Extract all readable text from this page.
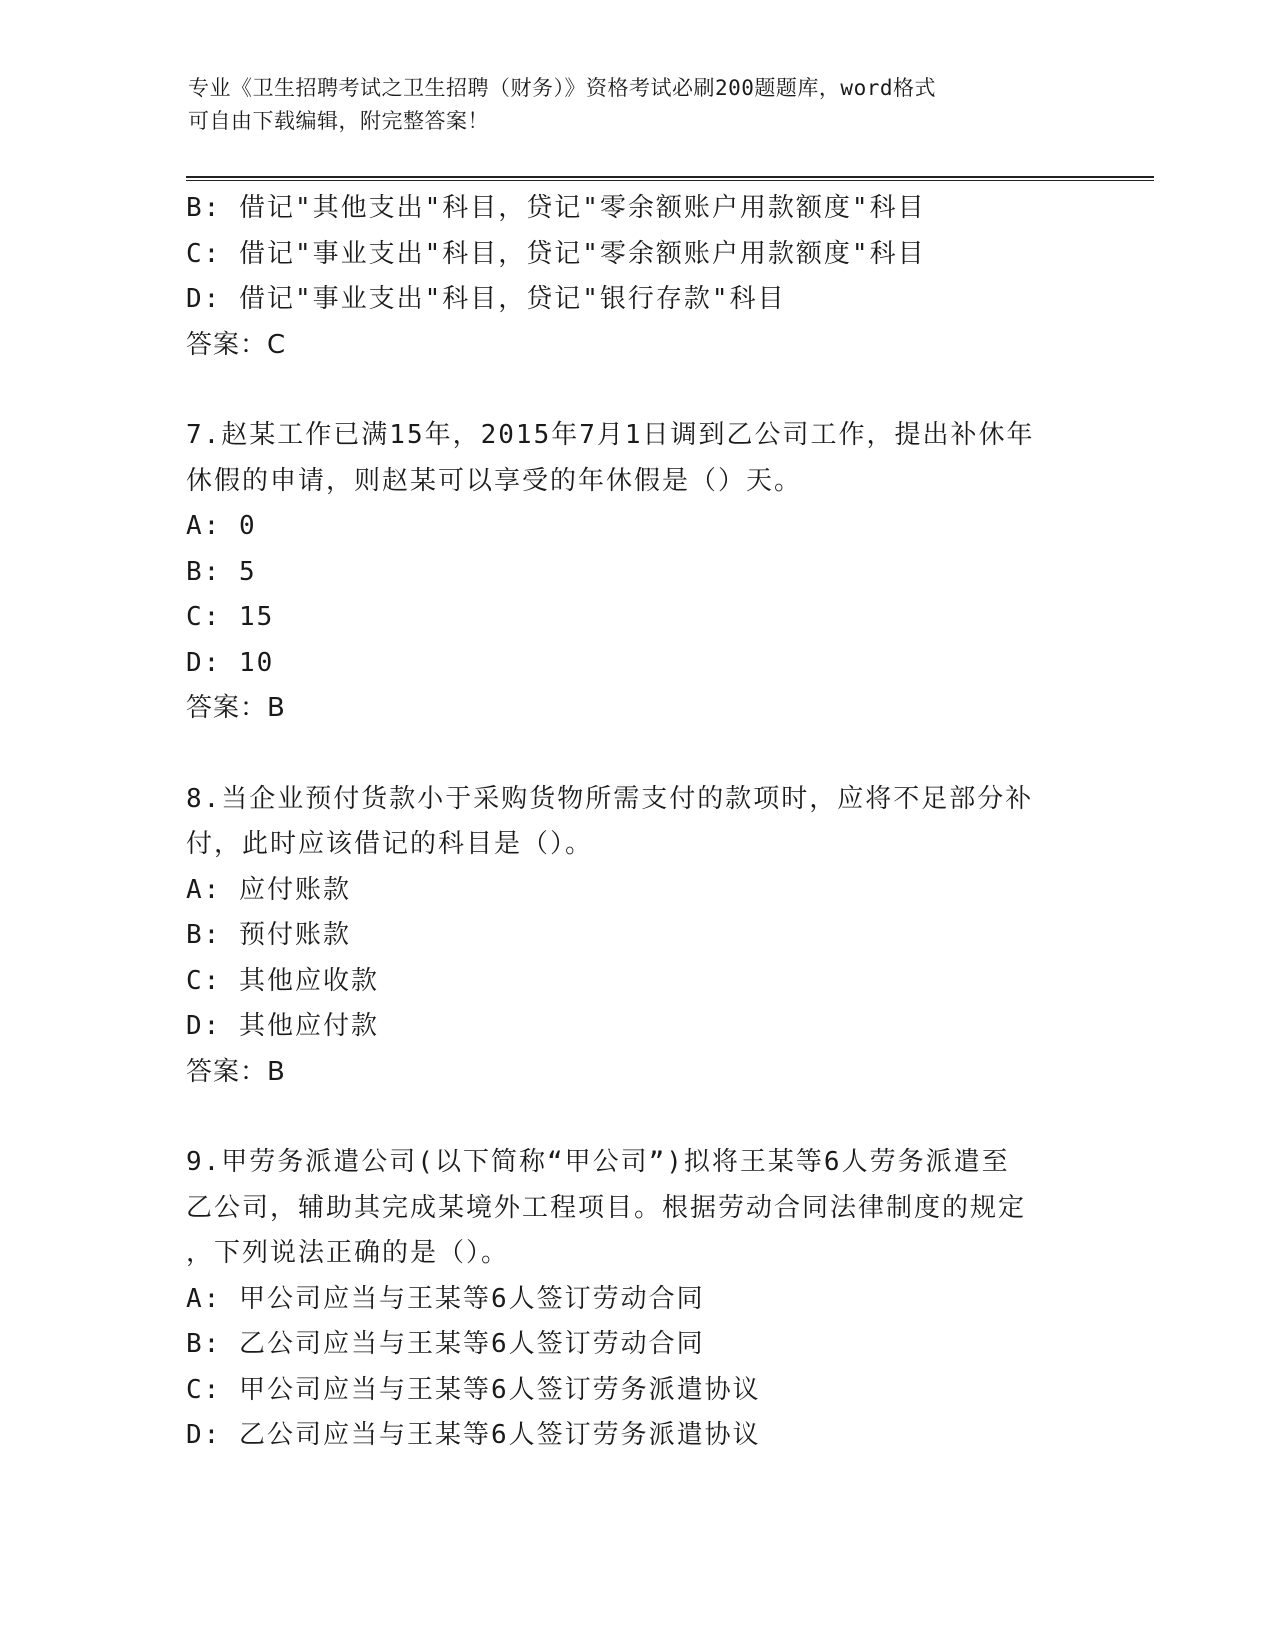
专业《卫生招聘考试之卫生招聘（财务）》资格考试必刷200题题库，word格式
可自由下载编辑，附完整答案！
B: 借记"其他支出"科目，贷记"零余额账户用款额度"科目
C: 借记"事业支出"科目，贷记"零余额账户用款额度"科目
D: 借记"事业支出"科目，贷记"银行存款"科目
答案：C
7.赵某工作已满15年，2015年7月1日调到乙公司工作，提出补休年
休假的申请，则赵某可以享受的年休假是（）天。
A: 0
B: 5
C: 15
D: 10
答案：B
8.当企业预付货款小于采购货物所需支付的款项时，应将不足部分补
付，此时应该借记的科目是（）。
A: 应付账款
B: 预付账款
C: 其他应收款
D: 其他应付款
答案：B
9.甲劳务派遣公司(以下简称“甲公司”)拟将王某等6人劳务派遣至
乙公司，辅助其完成某境外工程项目。根据劳动合同法律制度的规定
，下列说法正确的是（）。
A: 甲公司应当与王某等6人签订劳动合同
B: 乙公司应当与王某等6人签订劳动合同
C: 甲公司应当与王某等6人签订劳务派遣协议
D: 乙公司应当与王某等6人签订劳务派遣协议
